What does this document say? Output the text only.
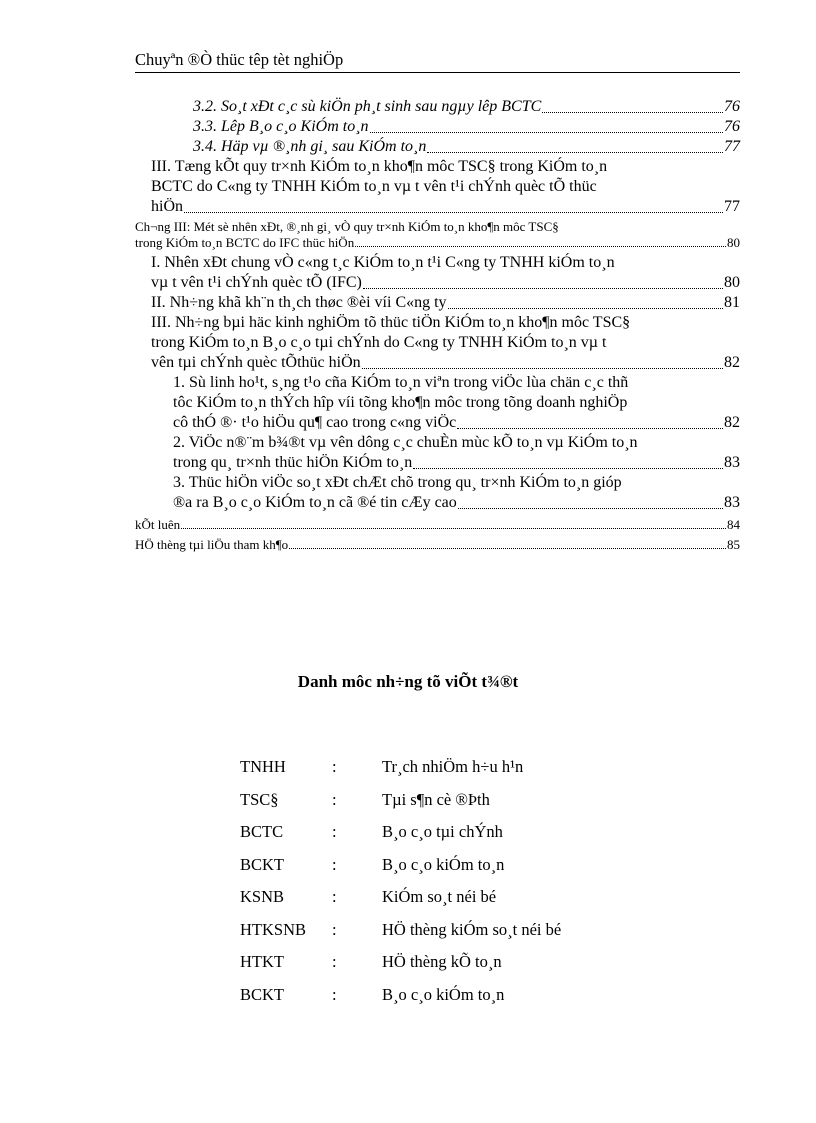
Chuyªn ®Ò thüc têp tèt nghiÖp
3.2. So¸t xÐt c¸c sù kiÖn ph¸t sinh sau ngµy lêp BCTC	76
3.3. Lêp B¸o c¸o KiÓm to¸n	76
3.4. Häp vµ ®¸nh gi¸ sau KiÓm to¸n	77
III. Tæng kÕt quy tr×nh KiÓm to¸n kho¶n môc TSC§ trong KiÓm to¸n
BCTC do C«ng ty TNHH KiÓm to¸n vµ t vên t¹i chÝnh quèc tÕ thüc
hiÖn	77
Ch¬ng III: Mét sè nhên xÐt, ®¸nh gi¸ vÒ quy tr×nh KiÓm to¸n kho¶n môc TSC§
trong KiÓm to¸n BCTC do IFC thüc hiÖn	80
I. Nhên xÐt chung vÒ c«ng t¸c KiÓm to¸n t¹i C«ng ty TNHH kiÓm to¸n
vµ t vên t¹i chÝnh quèc tÕ (IFC)	80
II. Nh÷ng khã kh¨n th¸ch thøc ®èi víi C«ng ty	81
III. Nh÷ng bµi häc kinh nghiÖm tõ thüc tiÖn KiÓm to¸n kho¶n môc TSC§
trong KiÓm to¸n B¸o c¸o tµi chÝnh do C«ng ty TNHH KiÓm to¸n vµ t
vên tµi chÝnh quèc tÕthüc hiÖn	82
1. Sù linh ho¹t, s¸ng t¹o cña KiÓm to¸n viªn trong viÖc lùa chän c¸c thñ
tôc KiÓm to¸n thÝch hîp víi tõng kho¶n môc trong tõng doanh nghiÖp
cô thÓ ®· t¹o hiÖu qu¶ cao trong c«ng viÖc	82
2. ViÖc n®¨m b¾®t vµ vên dông c¸c chuÈn mùc kÕ to¸n vµ KiÓm to¸n
trong qu¸ tr×nh thüc hiÖn KiÓm to¸n	83
3. Thüc hiÖn viÖc so¸t xÐt chÆt chõ trong qu¸ tr×nh KiÓm to¸n gióp
®a ra B¸o c¸o KiÓm to¸n cã ®é tin cÆy cao	83
kÕt luên	84
HÖ thèng tµi liÖu tham kh¶o	85
Danh môc nh÷ng tõ viÕt t¾®t
TNHH	:	Tr¸ch nhiÖm h÷u h¹n
TSC§	:	Tµi s¶n cè ®Þth
BCTC	:	B¸o c¸o tµi chÝnh
BCKT	:	B¸o c¸o kiÓm to¸n
KSNB	:	KiÓm so¸t néi bé
HTKSNB	:	HÖ thèng kiÓm so¸t néi bé
HTKT	:	HÖ thèng kÕ to¸n
BCKT	:	B¸o c¸o kiÓm to¸n
